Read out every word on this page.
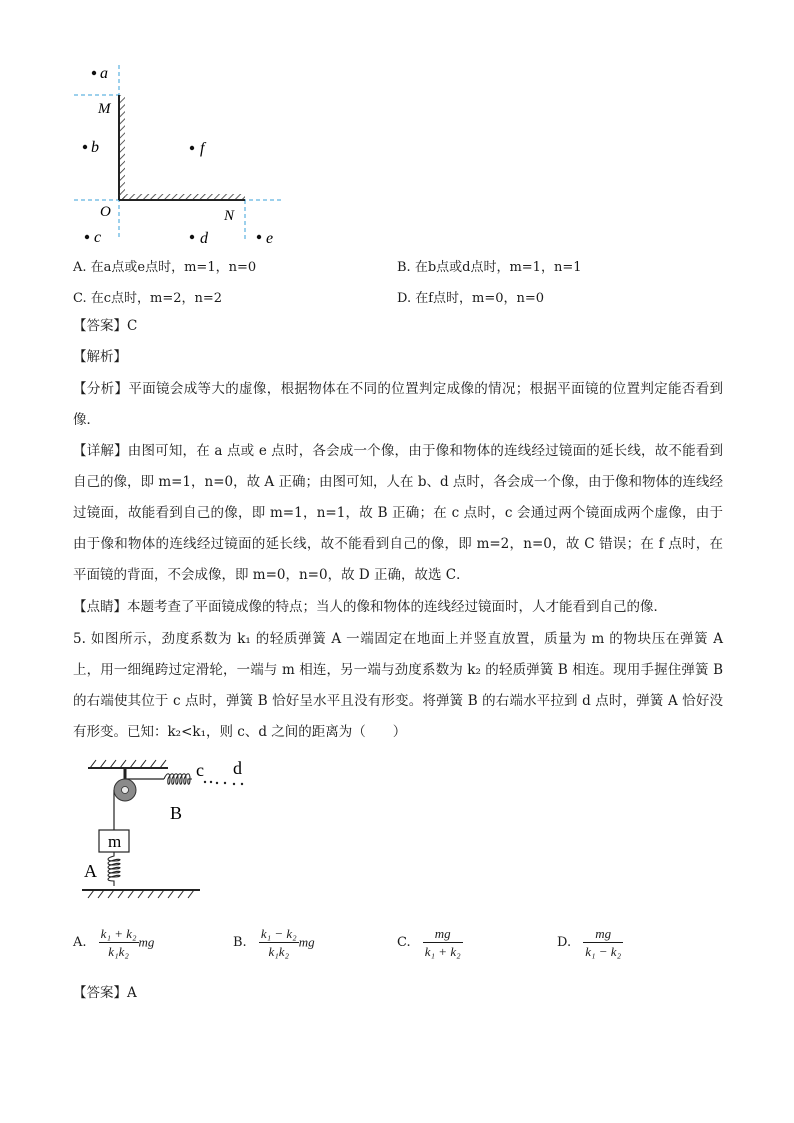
a
M
b	f
O	N
c	d	e
A. 在a点或e点时，m=1，n=0	B. 在b点或d点时，m=1，n=1
C. 在c点时，m=2，n=2	D. 在f点时，m=0，n=0
【答案】C
【解析】
【分析】平面镜会成等大的虚像，根据物体在不同的位置判定成像的情况；根据平面镜的位置判定能否看到像．
【详解】由图可知，在 a 点或 e 点时，各会成一个像，由于像和物体的连线经过镜面的延长线，故不能看到自己的像，即 m=1，n=0，故 A 正确；由图可知，人在 b、d 点时，各会成一个像，由于像和物体的连线经过镜面，故能看到自己的像，即 m=1，n=1，故 B 正确；在 c 点时，c 会通过两个镜面成两个虚像，由于由于像和物体的连线经过镜面的延长线，故不能看到自己的像，即 m=2，n=0，故 C 错误；在 f 点时，在平面镜的背面，不会成像，即 m=0，n=0，故 D 正确，故选 C．
【点睛】本题考查了平面镜成像的特点；当人的像和物体的连线经过镜面时，人才能看到自己的像．
5. 如图所示，劲度系数为 k₁ 的轻质弹簧 A 一端固定在地面上并竖直放置，质量为 m 的物块压在弹簧 A 上，用一细绳跨过定滑轮，一端与 m 相连，另一端与劲度系数为 k₂ 的轻质弹簧 B 相连。现用手握住弹簧 B 的右端使其位于 c 点时，弹簧 B 恰好呈水平且没有形变。将弹簧 B 的右端水平拉到 d 点时，弹簧 A 恰好没有形变。已知：k₂<k₁，则 c、d 之间的距离为（　　）
c d
B
m
A
A. $\frac{\text{k₁ + k₂}}{\text{k₁k₂}}$ mg	B. $\frac{\text{k₁ − k₂}}{\text{k₁k₂}}$ mg	C. $\frac{mg}{\text{k₁ + k₂}}$	D. $\frac{mg}{\text{k₁ − k₂}}$
【答案】A
